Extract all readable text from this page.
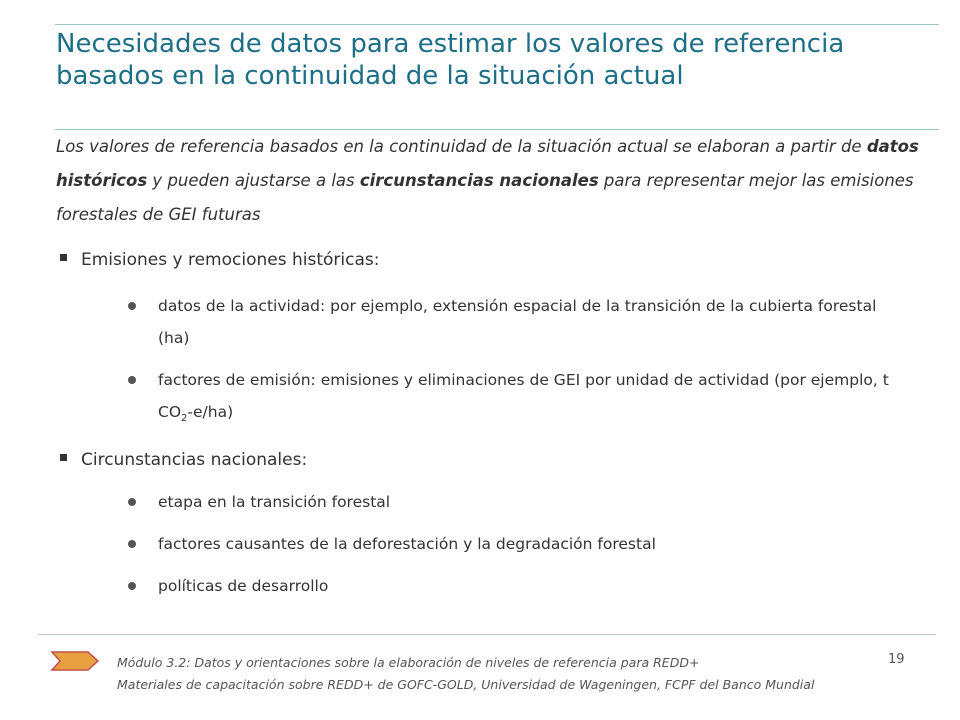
Necesidades de datos para estimar los valores de referencia basados en la continuidad de la situación actual

Los valores de referencia basados en la continuidad de la situación actual se elaboran a partir de datos históricos y pueden ajustarse a las circunstancias nacionales para representar mejor las emisiones forestales de GEI futuras

Emisiones y remociones históricas:
datos de la actividad: por ejemplo, extensión espacial de la transición de la cubierta forestal (ha)
factores de emisión: emisiones y eliminaciones de GEI por unidad de actividad (por ejemplo, t $CO_2-e/ha$)
Circunstancias nacionales:
etapa en la transición forestal
factores causantes de la deforestación y la degradación forestal
políticas de desarrollo
Módulo 3.2: Datos y orientaciones sobre la elaboración de niveles de referencia para REDD+	19
Materiales de capacitación sobre REDD+ de GOFC-GOLD, Universidad de Wageningen, FCPF del Banco Mundial
